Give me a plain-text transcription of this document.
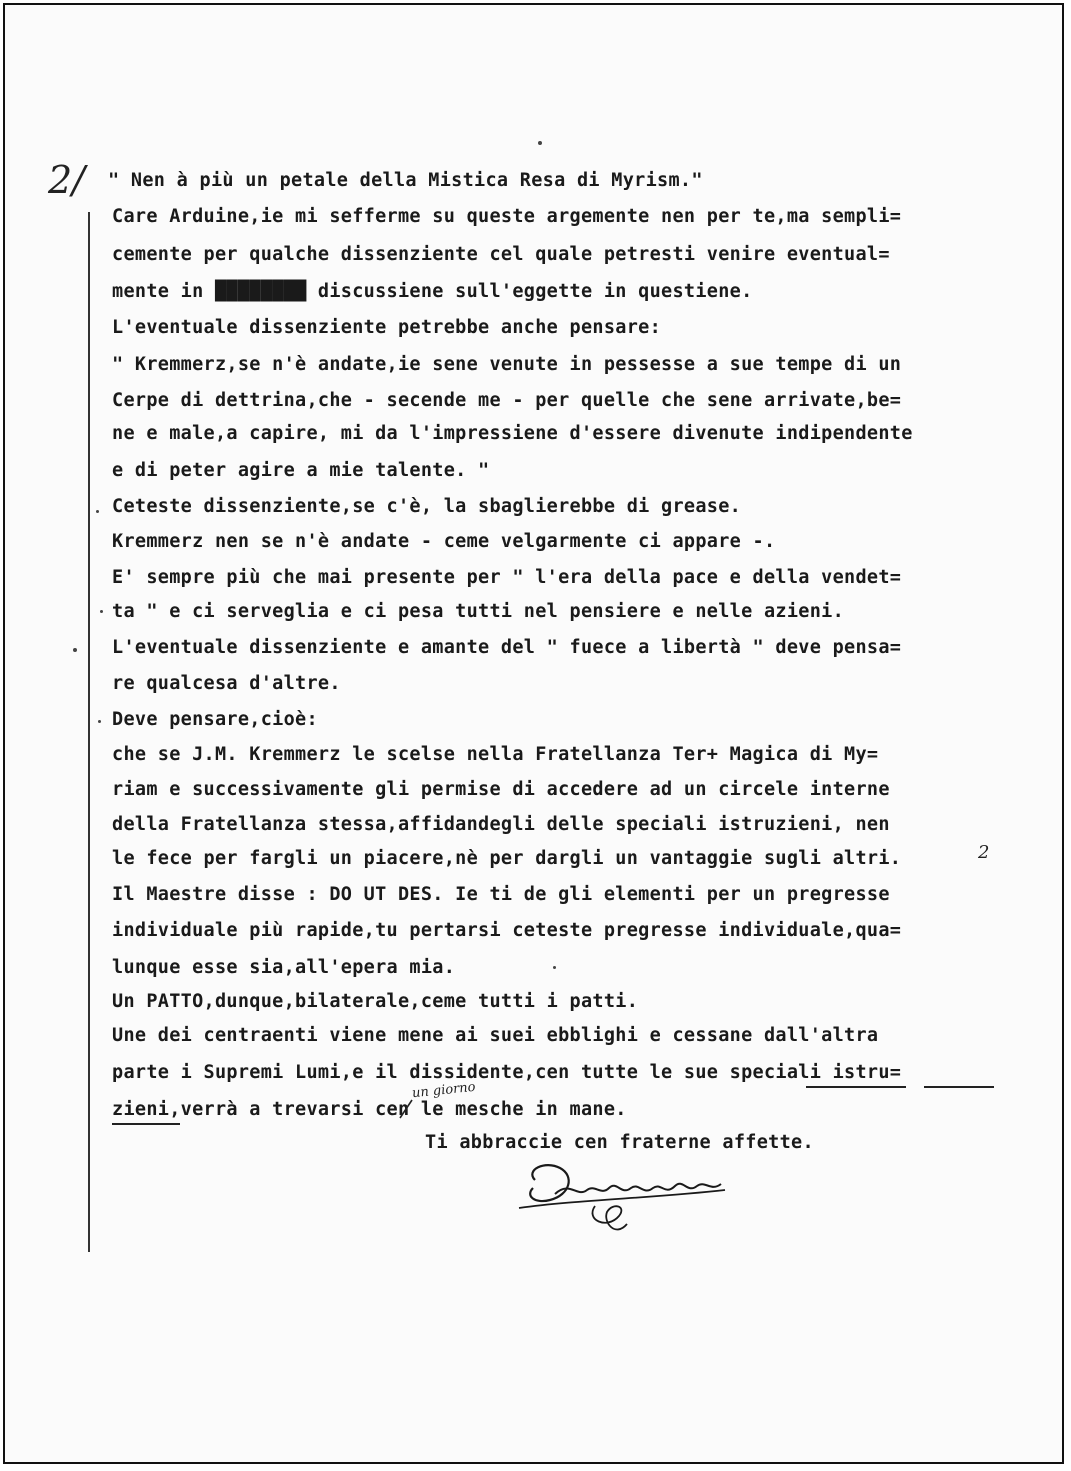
2/ " Nen à più un petale della Mistica Resa di Myrism."
Care Arduine,ie mi sefferme su queste argemente nen per te,ma sempli=
cemente per qualche dissenziente cel quale petresti venire eventual=
mente in ████████ discussiene sull'eggette in questiene.
L'eventuale dissenziente petrebbe anche pensare:
" Kremmerz,se n'è andate,ie sene venute in pessesse a sue tempe di un
Cerpe di dettrina,che - secende me - per quelle che sene arrivate,be=
ne e male,a capire, mi da l'impressiene d'essere divenute indipendente
e di peter agire a mie talente. "
Ceteste dissenziente,se c'è, la sbaglierebbe di grease.
Kremmerz nen se n'è andate - ceme velgarmente ci appare -.
E' sempre più che mai presente per " l'era della pace e della vendet=
ta " e ci serveglia e ci pesa tutti nel pensiere e nelle azieni.
L'eventuale dissenziente e amante del " fuece a libertà " deve pensa=
re qualcesa d'altre.
Deve pensare,cioè:
che se J.M. Kremmerz le scelse nella Fratellanza Ter+ Magica di My=
riam e successivamente gli permise di accedere ad un circele interne
della Fratellanza stessa,affidandegli delle speciali istruzieni, nen
le fece per fargli un piacere,nè per dargli un vantaggie sugli altri.
Il Maestre disse : DO UT DES. Ie ti de gli elementi per un pregresse
individuale più rapide,tu pertarsi ceteste pregresse individuale,qua=
lunque esse sia,all'epera mia.
Un PATTO,dunque,bilaterale,ceme tutti i patti.
Une dei centraenti viene mene ai suei ebblighi e cessane dall'altra
parte i Supremi Lumi,e il dissidente,cen tutte le sue speciali istru=
zieni,verrà a trevarsi cen le mesche in mane.
Ti abbraccie cen fraterne affette.
un giorno
2
